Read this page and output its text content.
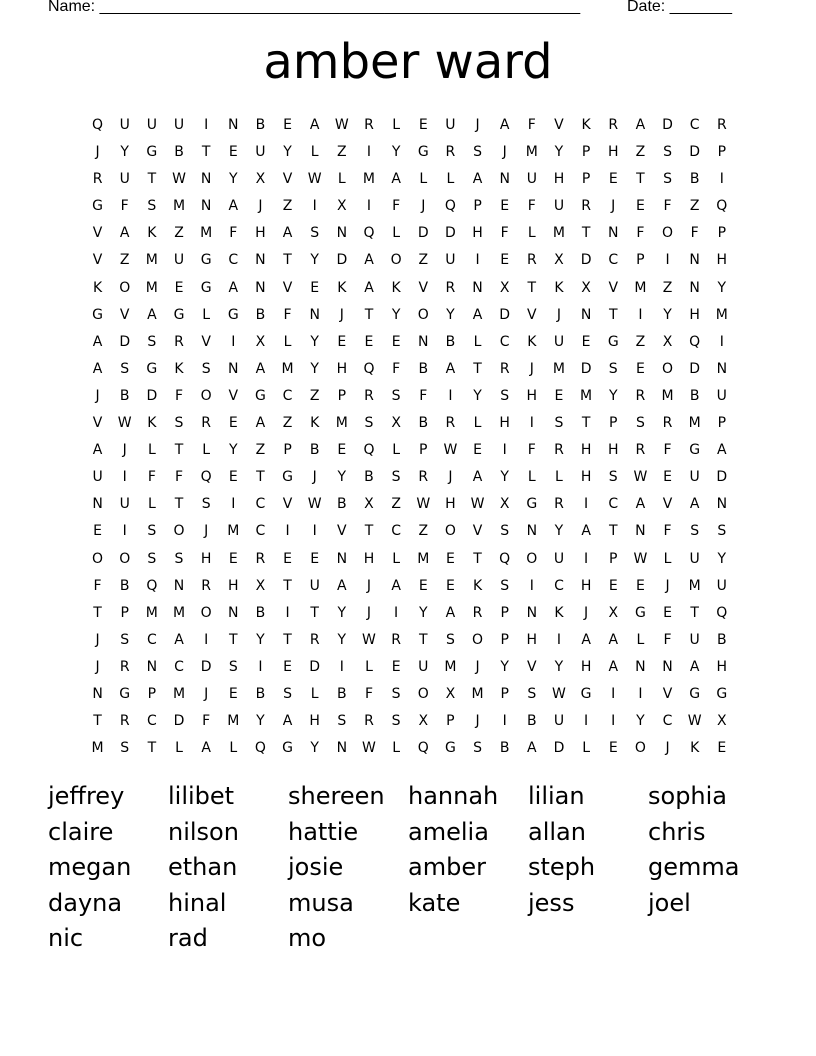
Name: ______________________________________________________	Date: _______
amber ward
Q	U	U	U	I	N	B	E	A	W	R	L	E	U	J	A	F	V	K	R	A	D	C	R
J	Y	G	B	T	E	U	Y	L	Z	I	Y	G	R	S	J	M	Y	P	H	Z	S	D	P
R	U	T	W	N	Y	X	V	W	L	M	A	L	L	A	N	U	H	P	E	T	S	B	I
G	F	S	M	N	A	J	Z	I	X	I	F	J	Q	P	E	F	U	R	J	E	F	Z	Q
V	A	K	Z	M	F	H	A	S	N	Q	L	D	D	H	F	L	M	T	N	F	O	F	P
V	Z	M	U	G	C	N	T	Y	D	A	O	Z	U	I	E	R	X	D	C	P	I	N	H
K	O	M	E	G	A	N	V	E	K	A	K	V	R	N	X	T	K	X	V	M	Z	N	Y
G	V	A	G	L	G	B	F	N	J	T	Y	O	Y	A	D	V	J	N	T	I	Y	H	M
A	D	S	R	V	I	X	L	Y	E	E	E	N	B	L	C	K	U	E	G	Z	X	Q	I
A	S	G	K	S	N	A	M	Y	H	Q	F	B	A	T	R	J	M	D	S	E	O	D	N
J	B	D	F	O	V	G	C	Z	P	R	S	F	I	Y	S	H	E	M	Y	R	M	B	U
V	W	K	S	R	E	A	Z	K	M	S	X	B	R	L	H	I	S	T	P	S	R	M	P
A	J	L	T	L	Y	Z	P	B	E	Q	L	P	W	E	I	F	R	H	H	R	F	G	A
U	I	F	F	Q	E	T	G	J	Y	B	S	R	J	A	Y	L	L	H	S	W	E	U	D
N	U	L	T	S	I	C	V	W	B	X	Z	W	H	W	X	G	R	I	C	A	V	A	N
E	I	S	O	J	M	C	I	I	V	T	C	Z	O	V	S	N	Y	A	T	N	F	S	S
O	O	S	S	H	E	R	E	E	N	H	L	M	E	T	Q	O	U	I	P	W	L	U	Y
F	B	Q	N	R	H	X	T	U	A	J	A	E	E	K	S	I	C	H	E	E	J	M	U
T	P	M	M	O	N	B	I	T	Y	J	I	Y	A	R	P	N	K	J	X	G	E	T	Q
J	S	C	A	I	T	Y	T	R	Y	W	R	T	S	O	P	H	I	A	A	L	F	U	B
J	R	N	C	D	S	I	E	D	I	L	E	U	M	J	Y	V	Y	H	A	N	N	A	H
N	G	P	M	J	E	B	S	L	B	F	S	O	X	M	P	S	W	G	I	I	V	G	G
T	R	C	D	F	M	Y	A	H	S	R	S	X	P	J	I	B	U	I	I	Y	C	W	X
M	S	T	L	A	L	Q	G	Y	N	W	L	Q	G	S	B	A	D	L	E	O	J	K	E
jeffrey	lilibet	shereen hannah	lilian	sophia
claire	nilson	hattie	amelia	allan	chris
megan	ethan	josie	amber	steph	gemma
dayna	hinal	musa	kate	jess	joel
nic	rad	mo
